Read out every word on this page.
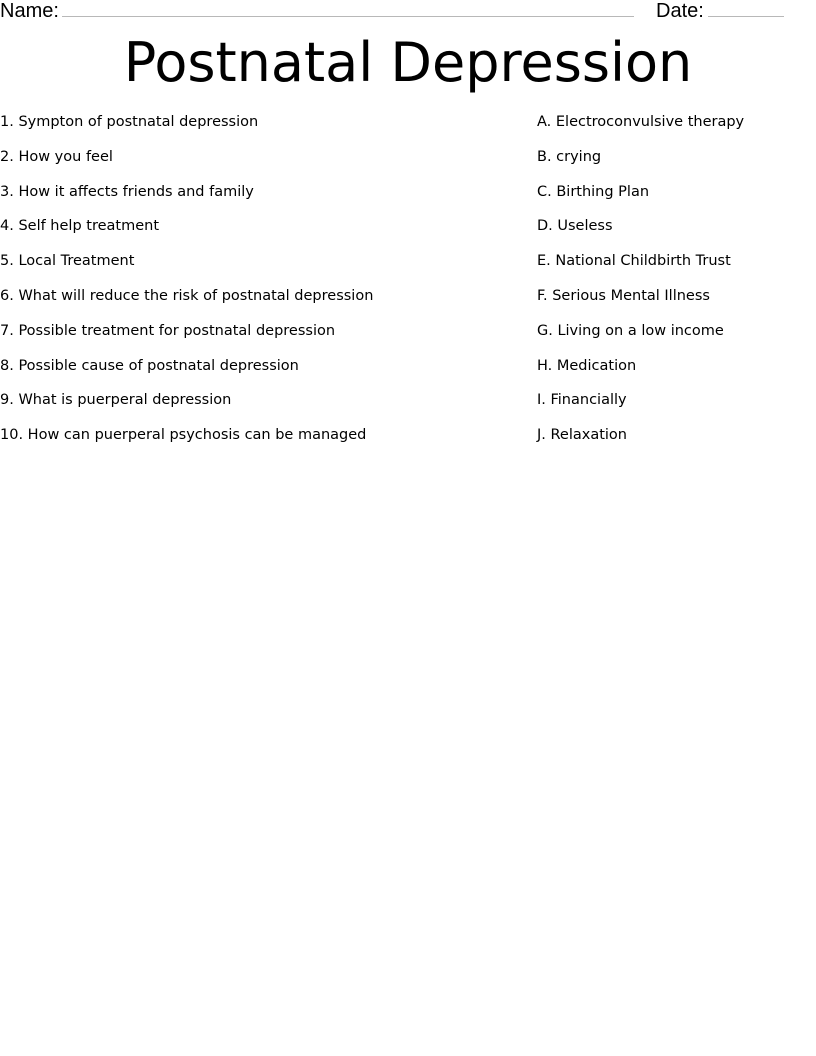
Name:	Date:
Postnatal Depression
1. Sympton of postnatal depression
2. How you feel
3. How it affects friends and family
4. Self help treatment
5. Local Treatment
6. What will reduce the risk of postnatal depression
7. Possible treatment for postnatal depression
8. Possible cause of postnatal depression
9. What is puerperal depression
10. How can puerperal psychosis can be managed
A. Electroconvulsive therapy
B. crying
C. Birthing Plan
D. Useless
E. National Childbirth Trust
F. Serious Mental Illness
G. Living on a low income
H. Medication
I. Financially
J. Relaxation
